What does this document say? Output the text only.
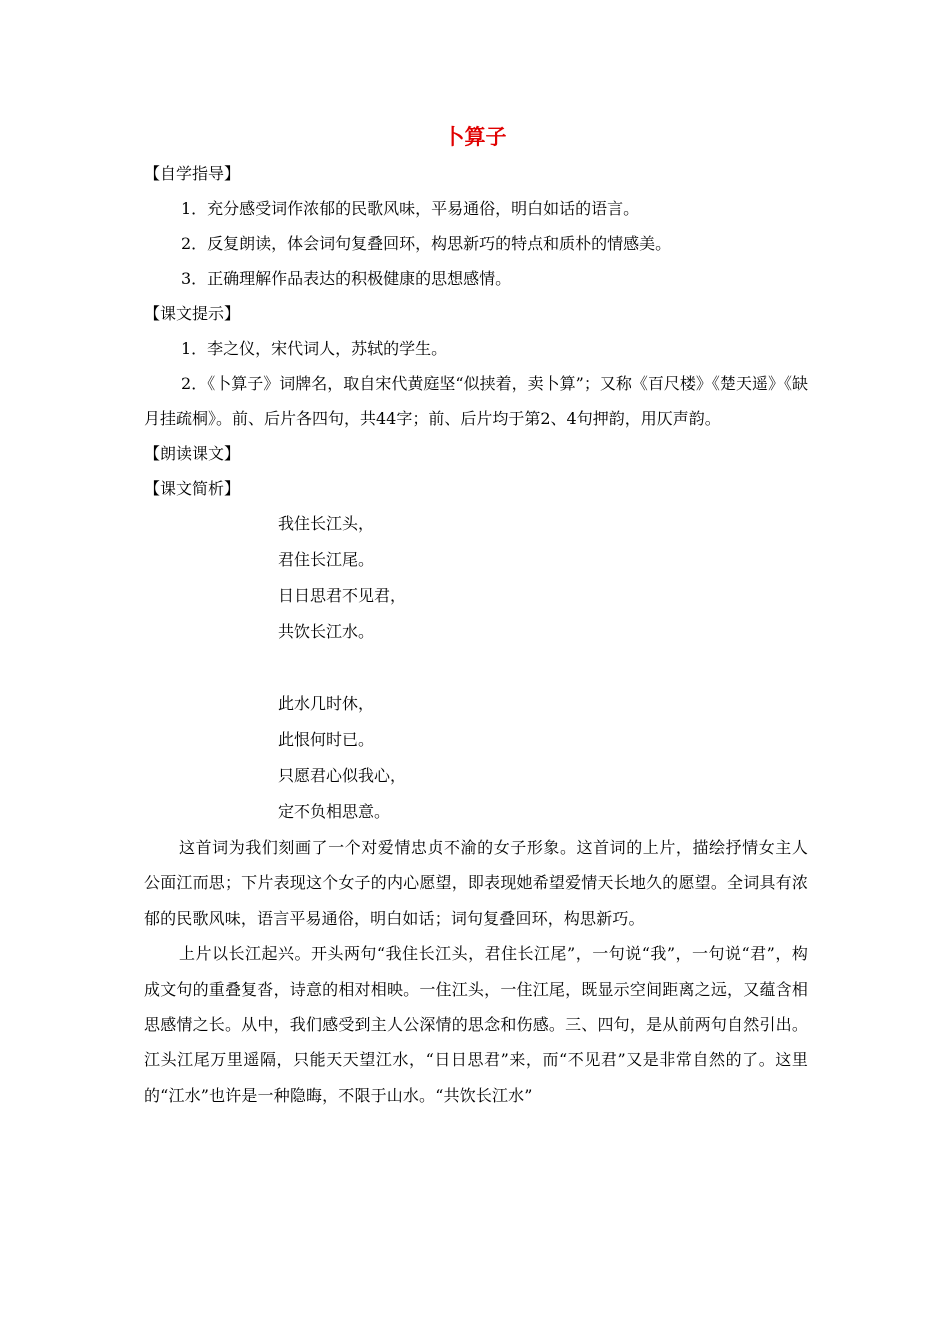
卜算子

【自学指导】

1．充分感受词作浓郁的民歌风味，平易通俗，明白如话的语言。

2．反复朗读，体会词句复叠回环，构思新巧的特点和质朴的情感美。

3．正确理解作品表达的积极健康的思想感情。

【课文提示】

1．李之仪，宋代词人，苏轼的学生。

2．《卜算子》词牌名，取自宋代黄庭坚“似挟着，卖卜算”；又称《百尺楼》《楚天遥》《缺月挂疏桐》。前、后片各四句，共44字；前、后片均于第2、4句押韵，用仄声韵。

【朗读课文】

【课文简析】

我住长江头，
君住长江尾。
日日思君不见君，
共饮长江水。
此水几时休，
此恨何时已。
只愿君心似我心，
定不负相思意。

这首词为我们刻画了一个对爱情忠贞不渝的女子形象。这首词的上片，描绘抒情女主人公面江而思；下片表现这个女子的内心愿望，即表现她希望爱情天长地久的愿望。全词具有浓郁的民歌风味，语言平易通俗，明白如话；词句复叠回环，构思新巧。

上片以长江起兴。开头两句“我住长江头，君住长江尾”，一句说“我”，一句说“君”，构成文句的重叠复沓，诗意的相对相映。一住江头，一住江尾，既显示空间距离之远，又蕴含相思感情之长。从中，我们感受到主人公深情的思念和伤感。三、四句，是从前两句自然引出。江头江尾万里遥隔，只能天天望江水，“日日思君”来，而“不见君”又是非常自然的了。这里的“江水”也许是一种隐晦，不限于山水。“共饮长江水”
